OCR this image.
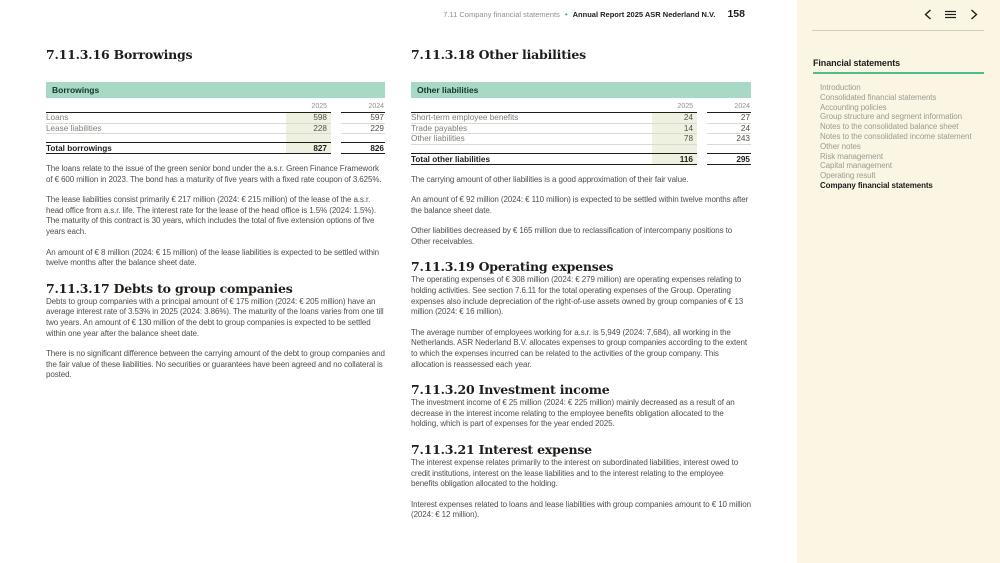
7.11 Company financial statements • Annual Report 2025 ASR Nederland N.V. 158
7.11.3.16 Borrowings
Borrowings
2025	2024
Loans	598	597
Lease liabilities	228	229
Total borrowings	827	826

The loans relate to the issue of the green senior bond under the a.s.r. Green Finance Framework of € 600 million in 2023. The bond has a maturity of five years with a fixed rate coupon of 3.625%.

The lease liabilities consist primarily € 217 million (2024: € 215 million) of the lease of the a.s.r. head office from a.s.r. life. The interest rate for the lease of the head office is 1.5% (2024: 1.5%). The maturity of this contract is 30 years, which includes the total of five extension options of five years each.

An amount of € 8 million (2024: € 15 million) of the lease liabilities is expected to be settled within twelve months after the balance sheet date.

7.11.3.17 Debts to group companies

Debts to group companies with a principal amount of € 175 million (2024: € 205 million) have an average interest rate of 3.53% in 2025 (2024: 3.86%). The maturity of the loans varies from one till two years. An amount of € 130 million of the debt to group companies is expected to be settled within one year after the balance sheet date.

There is no significant difference between the carrying amount of the debt to group companies and the fair value of these liabilities. No securities or guarantees have been agreed and no collateral is posted.

7.11.3.18 Other liabilities
Other liabilities
2025	2024
Short-term employee benefits	24	27
Trade payables	14	24
Other liabilities	78	243
Total other liabilities	116	295

The carrying amount of other liabilities is a good approximation of their fair value.

An amount of € 92 million (2024: € 110 million) is expected to be settled within twelve months after the balance sheet date.

Other liabilities decreased by € 165 million due to reclassification of intercompany positions to Other receivables.

7.11.3.19 Operating expenses

The operating expenses of € 308 million (2024: € 279 million) are operating expenses relating to holding activities. See section 7.6.11 for the total operating expenses of the Group. Operating expenses also include depreciation of the right-of-use assets owned by group companies of € 13 million (2024: € 16 million).

The average number of employees working for a.s.r. is 5,949 (2024: 7,684), all working in the Netherlands. ASR Nederland B.V. allocates expenses to group companies according to the extent to which the expenses incurred can be related to the activities of the group company. This allocation is reassessed each year.

7.11.3.20 Investment income

The investment income of € 25 million (2024: € 225 million) mainly decreased as a result of an decrease in the interest income relating to the employee benefits obligation allocated to the holding, which is part of expenses for the year ended 2025.

7.11.3.21 Interest expense

The interest expense relates primarily to the interest on subordinated liabilities, interest owed to credit institutions, interest on the lease liabilities and to the interest relating to the employee benefits obligation allocated to the holding.

Interest expenses related to loans and lease liabilities with group companies amount to € 10 million (2024: € 12 million).

Financial statements
Introduction
Consolidated financial statements
Accounting policies
Group structure and segment information
Notes to the consolidated balance sheet
Notes to the consolidated income statement
Other notes
Risk management
Capital management
Operating result
Company financial statements
